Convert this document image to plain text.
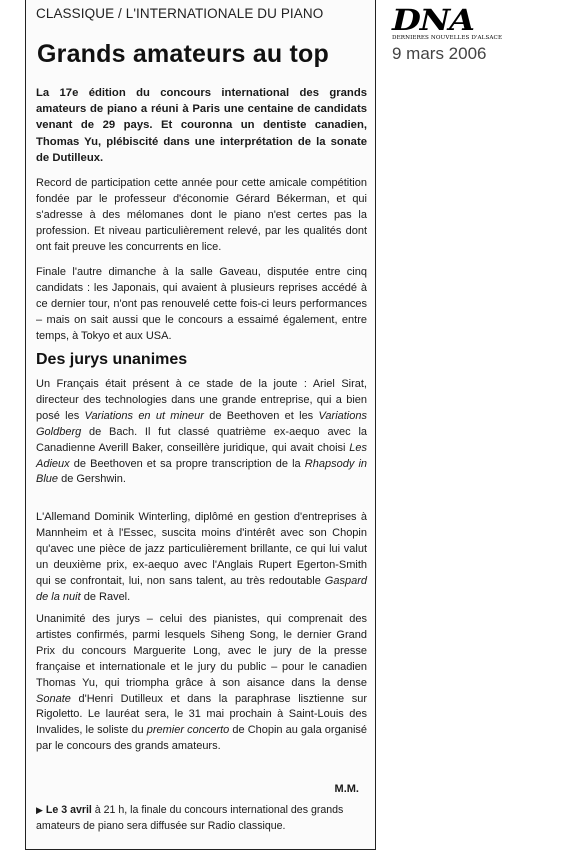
CLASSIQUE / L'INTERNATIONALE DU PIANO
Grands amateurs au top

La 17e édition du concours international des grands amateurs de piano a réuni à Paris une centaine de candidats venant de 29 pays. Et couronna un dentiste canadien, Thomas Yu, plébiscité dans une interprétation de la sonate de Dutilleux.

Record de participation cette année pour cette amicale compétition fondée par le professeur d'économie Gérard Békerman, et qui s'adresse à des mélomanes dont le piano n'est certes pas la profession. Et niveau particulièrement relevé, par les qualités dont ont fait preuve les concurrents en lice.

Finale l'autre dimanche à la salle Gaveau, disputée entre cinq candidats : les Japonais, qui avaient à plusieurs reprises accédé à ce dernier tour, n'ont pas renouvelé cette fois-ci leurs performances – mais on sait aussi que le concours a essaimé également, entre temps, à Tokyo et aux USA.

Des jurys unanimes

Un Français était présent à ce stade de la joute : Ariel Sirat, directeur des technologies dans une grande entreprise, qui a bien posé les Variations en ut mineur de Beethoven et les Variations Goldberg de Bach. Il fut classé quatrième ex-aequo avec la Canadienne Averill Baker, conseillère juridique, qui avait choisi Les Adieux de Beethoven et sa propre transcription de la Rhapsody in Blue de Gershwin.

L'Allemand Dominik Winterling, diplômé en gestion d'entreprises à Mannheim et à l'Essec, suscita moins d'intérêt avec son Chopin qu'avec une pièce de jazz particulièrement brillante, ce qui lui valut un deuxième prix, ex-aequo avec l'Anglais Rupert Egerton-Smith qui se confrontait, lui, non sans talent, au très redoutable Gaspard de la nuit de Ravel.

Unanimité des jurys – celui des pianistes, qui comprenait des artistes confirmés, parmi lesquels Siheng Song, le dernier Grand Prix du concours Marguerite Long, avec le jury de la presse française et internationale et le jury du public – pour le canadien Thomas Yu, qui triompha grâce à son aisance dans la dense Sonate d'Henri Dutilleux et dans la paraphrase lisztienne sur Rigoletto. Le lauréat sera, le 31 mai prochain à Saint-Louis des Invalides, le soliste du premier concerto de Chopin au gala organisé par le concours des grands amateurs.

M.M.
▶ Le 3 avril à 21 h, la finale du concours international des grands amateurs de piano sera diffusée sur Radio classique.
DNA
DERNIERES NOUVELLES D'ALSACE
9 mars 2006
